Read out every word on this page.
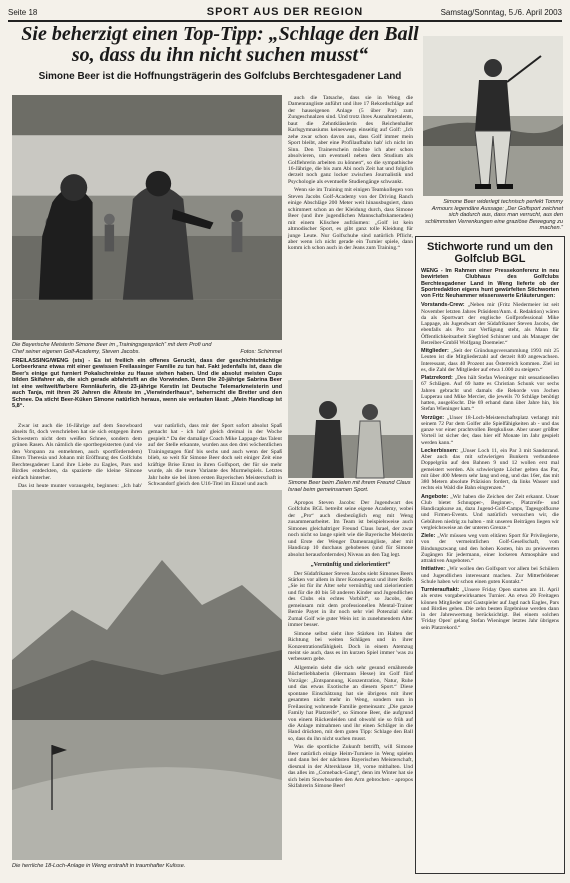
Seite 18	SPORT AUS DER REGION	Samstag/Sonntag, 5./6. April 2003
Sie beherzigt einen Top-Tipp: „Schlage den Ball so, dass du ihn nicht suchen musst“
Simone Beer ist die Hoffnungsträgerin des Golfclubs Berchtesgadener Land
Simone Beer widerlegt technisch perfekt Tommy Armours legendäre Aussage: „Der Golfsport zeichnet sich dadurch aus, dass man verrucht, aus den schlimmsten Verrenkungen eine graziöse Bewegung zu machen.“
Die Bayerische Meisterin Simone Beer im „Trainingsgespräch“ mit dem Profi und Chef seiner eigenen Golf-Academy, Steven Jacobs.	Fotos: Schimmel
FREILASSING/WENG (sts) - Es ist freilich ein offenes Geruckt, dass der geschichtsträchtige Lorbeerkranz etwas mit einer gewissen Freilassinger Familie zu tun hat. Fakt jedenfalls ist, dass die Beer's einige gut furniert Pokalschreinke zu Hause stehen haben. Und die absolut meisten Cups bilden Skifahrer ab, die sich gerade abfahrtsfit an die Vorwinden. Denn Die 20-jährige Sabrina Beer ist eine weltweit/farbere Rennläuferin, die 23-jährige Kerstin ist Deutsche Telemarkmeisterin und auch Tanja, mit ihren 26 Jahren die Älteste im „Vierwinderlhaus“, beherrscht die Bretter und den Schnee. Da sticht Beer-Küken Simone natürlich heraus, wenn sie verlauten lässt: „Mein Handicap ist 5,8“.

Zwar ist auch die 16-Jährige auf dem Snowboard abseits fit, doch verschrieben hat sie sich entgegen ihren Schwestern nicht dem weißen Schnee, sondern dem grünen Rasen. Als nämlich die sportbegeisterten (und vie den Vorspann zu entnehmen, auch sportförderndem) Eltern Theresia und Johann mit Eröffnung des Golfclubs Berchtesgadener Land ihre Liebe zu Eagles, Pars und Birdies entdeckten, da spazierte die kleine Simone einfach hinterher.

Das ist heute munter vorausgeht, beginnen: „Ich hab'

war natürlich, dass mir der Sport sofort absolut Spaß gemacht hat - ich hab' gleich dreimal in der Woche gespielt.“ Da der damalige Coach Mike Lappage das Talent auf der Stelle erkannte, wurden aus den drei wöchentlichen Trainingstagen fünf bis sechs und auch wenn der Spaß blieb, so weit für Simone Beer doch seit einiger Zeit eine kräftige Brise Ernst in ihren Golfsport, der für sie mehr wurde, als die teure Variante des Murmelspiels. Letztes Jahr holte sie bei ihren ersten Bayerischen Meisterschaft in Schwandorf gleich den U16-Titel im Einzel und auch

Die herrliche 18-Loch-Anlage in Weng erstrahlt in traumhafter Kulisse.
Simone Beer beim Zielen mit ihrem Freund Claus Israel beim gemeinsamen Sport.

Apropos Steven Jacobs: Der Jugendwart des Golfclubs BGL betreibt seine eigene Academy, wobei der „Pro“ auch diesbezüglich eng mit Weng zusammenarbeitet. Im Team ist beispielsweise auch Simones gleichaltriger Freund Claus Israel, der zwar noch nicht so lange spielt wie die Bayerische Meisterin und Erste der Wenger Damenrangliste, aber mit Handicap 10 durchaus gehobenes (und für Simone absolut herausforderndes) Niveau an den Tag legt.

„Vernünftig und zielorientiert“

Der Südafrikaner Steven Jacobs sieht Simones Beers Stärken vor allem in ihrer Konsequenz und ihrer Reife. „Sie ist für ihr Alter sehr vernünftig und zielorientiert und für die 40 bis 50 anderen Kinder und Jugendlichen des Clubs ein echtes Vorbild“, so Jacobs, der gemeinsam mit dem professionellen Mental-Trainer Bernie Payet in ihr noch sehr viel Potenzial sieht. Zumal Golf wie guter Wein ist: in zunehmendem Alter immer besser.

Simone selbst sieht ihre Stärken im Halten der Richtung bei weiten Schlägen und in ihrer Konzentrationsfähigkeit. Doch in einem Atemzug meint sie auch, dass es im kurzen Spiel immer 'was zu verbessern gebe.

Allgemein sieht die sich sehr gesund ernährende Bücherliebhaberin (Hermann Hesse) im Golf fünf Vorzüge: „Entspannung, Konzentration, Natur, Ruhe und das etwas Exotische an diesem Sport.“ Diese spontane Einschätzung hat sie übrigens mit ihrer gesamten nicht mehr in Weng, sondern nun in Freilassing wohnende Familie gemeinsam: „Die ganze Family hat Platzreife“, so Simone Beer, die aufgrund von einem Rückenleiden und obwohl sie so früh auf die Anlage mitnahmen und ihr einen Schläger in die Hand drückten, mit dem guten Tipp: Schlage den Ball so, dass du ihn nicht suchen musst.

Was die sportliche Zukunft betrifft, will Simone Beer natürlich einige Heim-Turniere in Weng spielen und dann bei der nächsten Bayerischen Meisterschaft, diesmal in der Altersklasse 18, vorne mithalten. Und das alles im „Comeback-Gang“, denn im Winter hat sie sich beim Snowboarden den Arm gebrochen - apropos Skifahrerin Simone Beer!

Stichworte rund um den Golfclub BGL
WENG - Im Rahmen einer Pressekonferenz in neu bewirteten Clubhaus des Golfclubs Berchtesgadener Land in Weng lieferte ob der Sportredaktion eigens hunt gewürfelten Stichworten von Fritz Neuhammer wissenswerte Erläuterungen:
Vorstands-Crew: „Neben mir (Fritz Niedermeier ist seit November letzten Jahres Präsident/Anm. d. Redaktion) wären da als Sportwart der englische Golfprofessional Mike Lappage, als Jugendwart der Südafrikaner Steven Jacobs, der ebenfalls als Pro zur Verfügung steht, als Mann für Öffentlichkeitsarbeit Siegfried Schinner und als Manager der Betreiber-GmbH Wolfgang Doemeier.“
Mitglieder: „Seit der Gründungsversammlung 1993 mit 25 Leuten ist die Mitgliederzahl auf derzeit 840 angewachsen. Interessant, dass 40 Prozent aus Österreich kommen. Ziel ist es, die Zahl der Mitglieder auf etwa 1.000 zu steigern.“
Platzrekord: „Den hält Stefan Wieninger mit sensationellen 67 Schlägen. Auf 69 hatte es Christian Schunk vor sechs Jahren gebracht und damals die Rekorde von Jochen Lupperau und Mike Mercier, die jeweils 70 Schläge benötigt hatten, ausgelöscht. Die 69 erhand dann über Jahre hin, bis Stefan Wieninger kam.“
Vorzüge: „Unser 18-Loch-Meisterschaftsplatz verlangt mit seinem 72 Par dem Golfer alle Spielfähigkeiten ab - und das ganze vor einer prachtvollen Bergkulisse. Aber unser größter Vorteil ist sicher der, dass hier elf Monate im Jahr gespielt werden kann.“
Leckerbissen: „Unser Loch 11, ein Par 3 mit Sandstrand. Aber auch das mit schwierigen Bunkern verbundene Doppelgrün auf den Bahnen 9 und 12 wollen erst mal gemeistert werden. Als schwierigste Löcher gelten das Par, mit über 400 Metern sehr lang und eng, und das 16er, das mit 380 Metern absolute Präzision fordert, da links Wasser und rechts ein Wald die Bahn eingrenzen.“
Angebote: „Wir haben die Zeichen der Zeit erkannt. Unser Club bietet Schnupper-, Beginner-, Platzreife- und Handicapkurse an, dazu Jugend-Golf-Camps, Tagesgolfkurse und Firmen-Events. Und natürlich versuchen wir, die Gebühren niedrig zu halten - mit unseren Beiträgen liegen wir vergleichsweise an der unteren Grenze.“
Ziele: „Wir müssen weg vom elitären Sport für Privilegierte, von der vermeintlichen Golf-Gesellschaft, vom Bindungszwang und den hohen Kosten, hin zu preiswerten Zugängen für jedermann, einer lockeren Atmosphäre und attraktiven Angeboten.“
Initiative: „Wir wollen den Golfsport vor allem bei Schülern und Jugendlichen interessant machen. Zur Mitterfeldener Schule haben wir schon einen guten Kontakt.“
Turnierauftakt: „Unsere Friday Open starten am 11. April als erstes vorgabewirksames Turnier. An etwa 20 Freitagen können Mitglieder und Gastspieler auf Jagd nach Eagles, Pars und Birdies gehen. Die zehn besten Ergebnisse werden dann in der Jahreswertung berücksichtigt. Bei einem solchen 'Friday Open' gelang Stefan Wieninger letztes Jahr übrigens sein Platzrekord.“

auch die Tatsache, dass sie in Weng die Damenrangliste anführt und ihre 17 Rekordschläge auf der hauseigenen Anlage (5 über Par) zum Zungeschnalzen sind. Und trotz ihres Ausnahmetalents, baut die Zehntklässlerin des Reichenhaller Karlsgymnasiums keineswegs einseitig auf Golf: „Ich zehe zwar schon davon aus, dass Golf immer mein Sport bleibt, aber eine Profilaufbahn hab' ich nicht im Sinn. Den Trainerschein möchte ich aber schon absolvieren, um eventuell neben dem Studium als Golflehrerin arbeiten zu können“, so die sympathische 16-Jährige, die bis zum Abi noch Zeit hat und folglich derzeit noch ganz locker zwischen Journalistik und Psychologie als eventuelle Studiengänge schwankt.

Wenn sie im Training mit einigen Teamkollegen von Steven Jacobs Golf-Academy von der Driving Ranch einige Abschläge 200 Meter weit hinausbugsiert, dann schimmert schon an der Kleidung durch, dass Simone Beer (und ihre jugendlichen Mannschaftskameraden) mit einem Klischee aufräumen: „Golf ist kein altmodischer Sport, es gibt ganz tolle Kleidung für junge Leute. Nur Golfschuhe sind natürlich Pflicht, aber wenn ich nicht gerade ein Turnier spiele, dann komm ich schon auch in der Jeans zum Training.“
